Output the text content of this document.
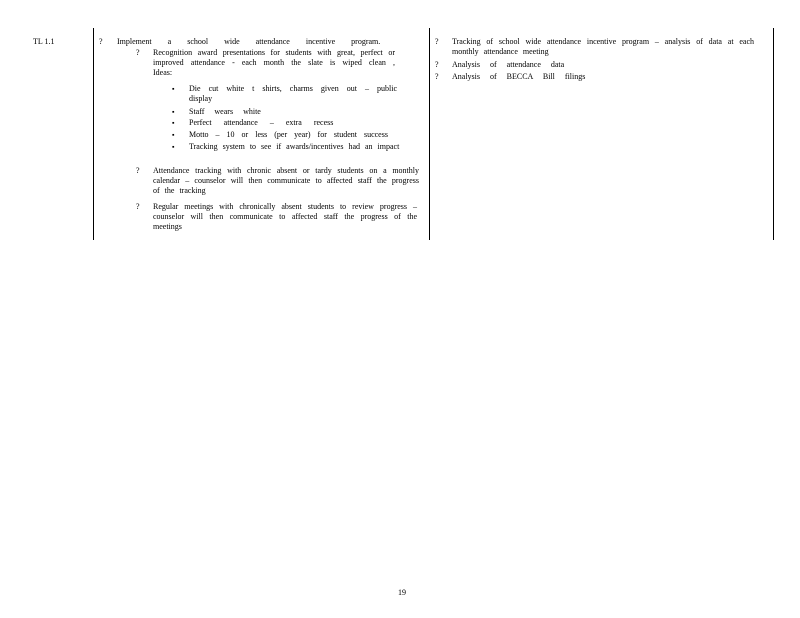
TL 1.1	? Implement a school wide attendance incentive program.
? Recognition award presentations for students with great, perfect or improved attendance - each month the slate is wiped clean , Ideas:
▪ Die cut white t shirts, charms given out – public display
▪ Staff wears white
▪ Perfect attendance – extra recess
▪ Motto – 10 or less (per year) for student success
▪ Tracking system to see if awards/incentives had an impact
? Attendance tracking with chronic absent or tardy students on a monthly calendar – counselor will then communicate to affected staff the progress of the tracking
? Regular meetings with chronically absent students to review progress – counselor will then communicate to affected staff the progress of the meetings
? Tracking of school wide attendance incentive program – analysis of data at each monthly attendance meeting
? Analysis of attendance data
? Analysis of BECCA Bill filings
19
